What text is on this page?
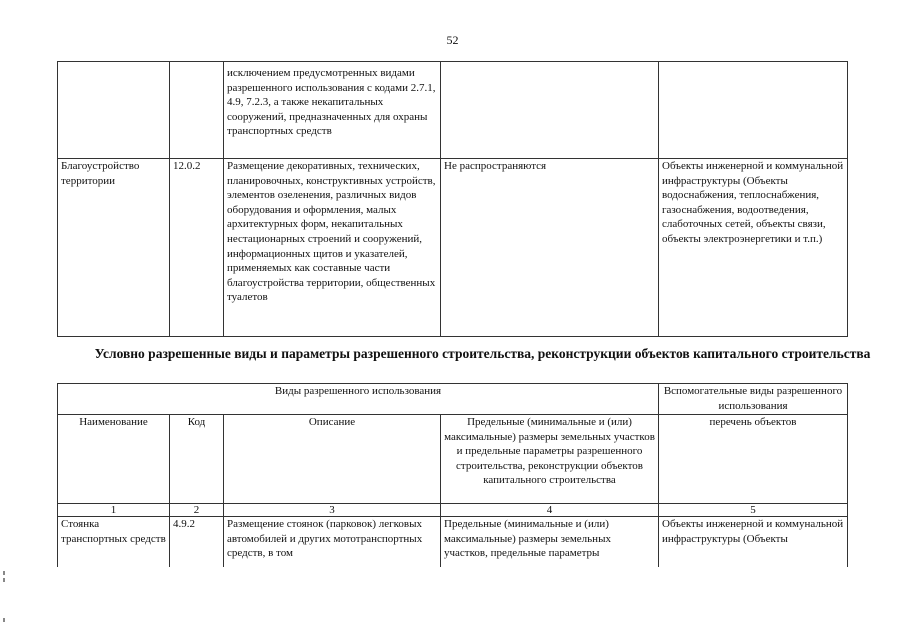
52
		исключением предусмотренных видами разрешенного использования с кодами 2.7.1, 4.9, 7.2.3, а также некапитальных сооружений, предназначенных для охраны транспортных средств		
Благоустройство территории	12.0.2	Размещение декоративных, технических, планировочных, конструктивных устройств, элементов озеленения, различных видов оборудования и оформления, малых архитектурных форм, некапитальных нестационарных строений и сооружений, информационных щитов и указателей, применяемых как составные части благоустройства территории, общественных туалетов	Не распространяются	Объекты инженерной и коммунальной инфраструктуры (Объекты водоснабжения, теплоснабжения, газоснабжения, водоотведения, слаботочных сетей, объекты связи, объекты электроэнергетики и т.п.)
Условно разрешенные виды и параметры разрешенного строительства, реконструкции объектов капитального строительства
Виды разрешенного использования				Вспомогательные виды разрешенного использования
Наименование	Код	Описание	Предельные (минимальные и (или) максимальные) размеры земельных участков и предельные параметры разрешенного строительства, реконструкции объектов капитального строительства	перечень объектов
1	2	3	4	5
Стоянка транспортных средств	4.9.2	Размещение стоянок (парковок) легковых автомобилей и других мототранспортных средств, в том	Предельные (минимальные и (или) максимальные) размеры земельных участков, предельные параметры	Объекты инженерной и коммунальной инфраструктуры (Объекты
